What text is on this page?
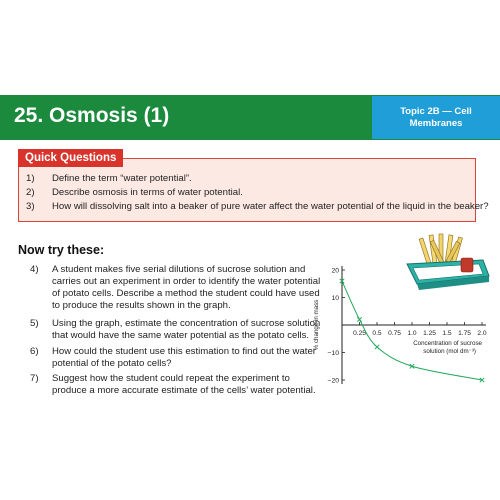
25. Osmosis (1)	Topic 2B — Cell
Membranes
Quick Questions
1)	Define the term “water potential”.
2)	Describe osmosis in terms of water potential.
3)	How will dissolving salt into a beaker of pure water affect the water potential of the liquid in the beaker?
Now try these:
4)	A student makes five serial dilutions of sucrose solution and carries out an experiment in order to identify the water potential of potato cells. Describe a method the student could have used to produce the results shown in the graph.
5)	Using the graph, estimate the concentration of sucrose solution that would have the same water potential as the potato cells.
6)	How could the student use this estimation to find out the water potential of the potato cells?
7)	Suggest how the student could repeat the experiment to produce a more accurate estimate of the cells’ water potential.
0.25 0.5 0.75 1.0 1.25 1.5 1.75 2.0
20
10
−10
−20
% change in mass	Concentration of sucrose
solution (mol dm⁻³)
